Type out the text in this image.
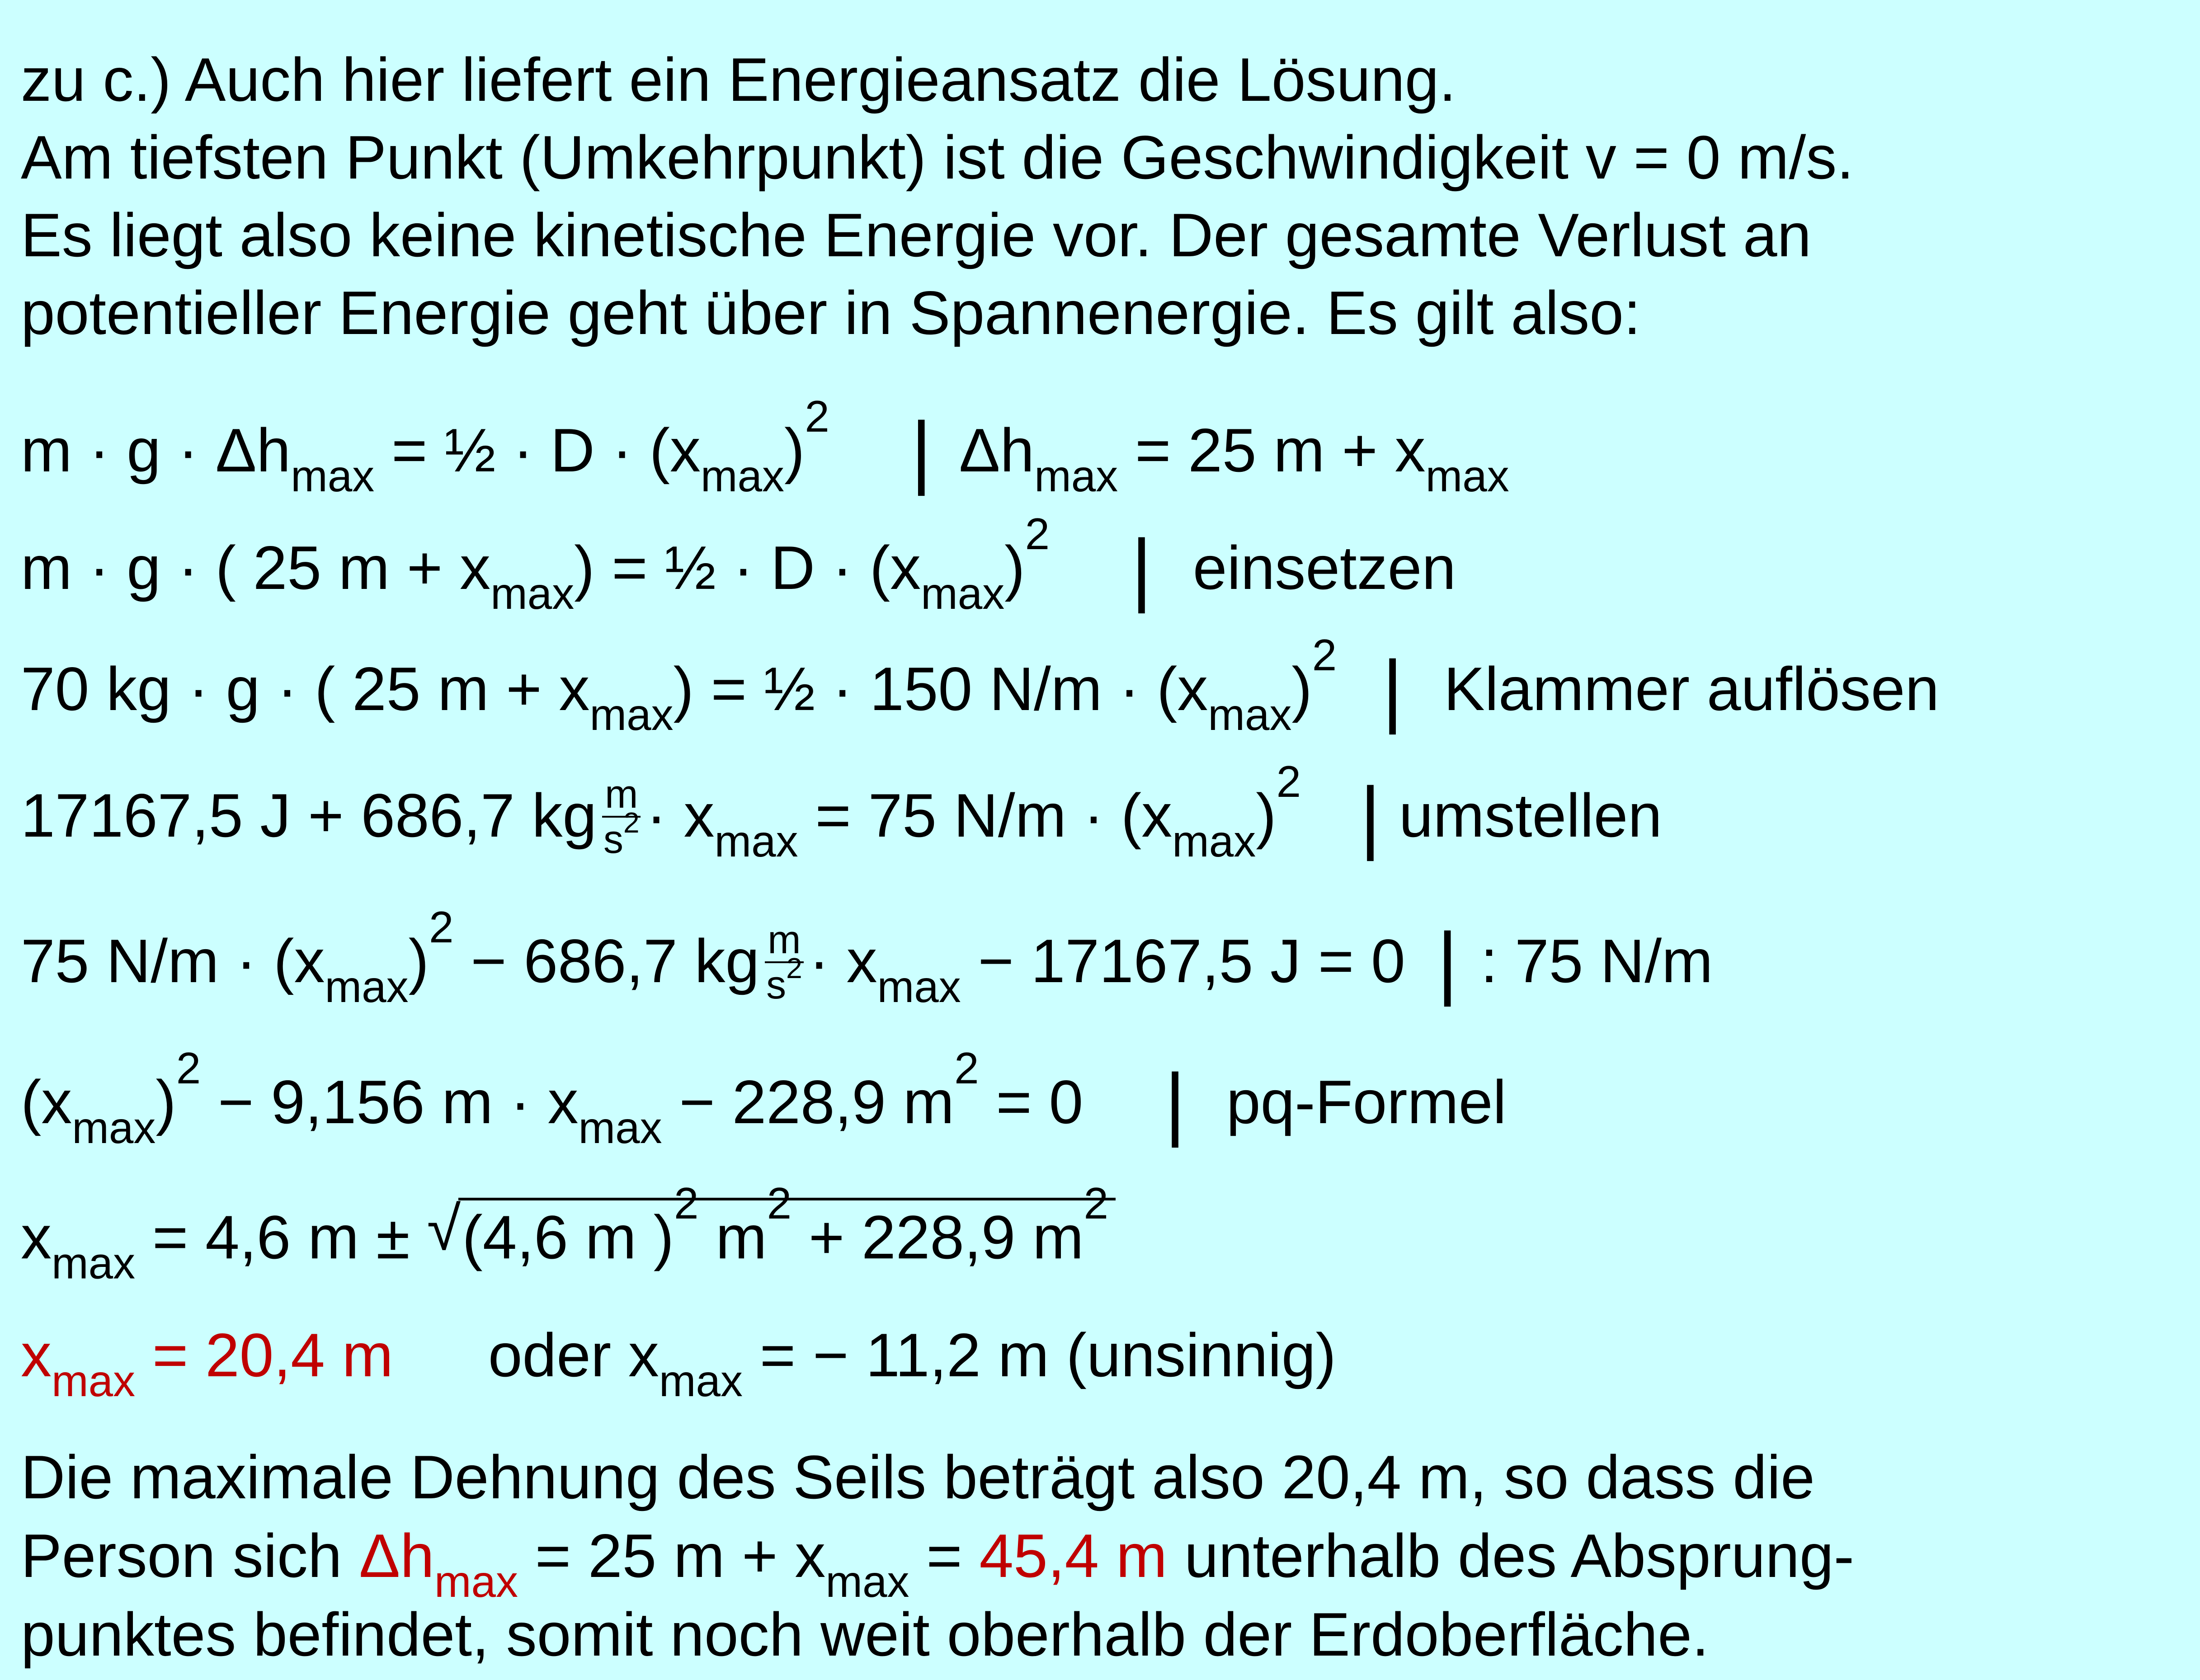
zu c.) Auch hier liefert ein Energieansatz die Lösung.
Am tiefsten Punkt (Umkehrpunkt) ist die Geschwindigkeit v = 0 m/s.
Es liegt also keine kinetische Energie vor. Der gesamte Verlust an
potentieller Energie geht über in Spannenergie. Es gilt also:
$m \cdot g \cdot \Delta h_{max}$ = ½ · $D \cdot (x_{max})^2$ | $\Delta h_{max} = 25$ $m + x_{max}$
m · g · ( 25 $m + x_{max}$) = ½ · $D \cdot (x_{max})^2$ | einsetzen
70 kg · g · ( 25 $m + x_{max}$) = ½ · 150 $N/m \cdot (x_{max})^2$ | Klammer auflösen
17167,5 J + 686,7 kg $\frac{m}{s^2} \cdot x_{max} = 75$ $N/m \cdot (x_{max})^2$ | umstellen
75 $N/m \cdot (x_{max})^2 - 686,7$ kg $\frac{m}{s^2} \cdot x_{max} - 17167,5$ J = 0 | : 75 N/m
$(x_{max})^2 - 9,156$ $m \cdot x_{max} - 228,9$ $m^2 = 0$ | pq-Formel
$x_{max} = 4,6$ m ± √ (4,6 m )$^2$ $m^2 + 228,9$ $m^2$
$x_{max} = 20,4$ m oder $x_{max}$ = − 11,2 m (unsinnig)
Die maximale Dehnung des Seils beträgt also 20,4 m, so dass die
Person sich $\Delta h_{max} = 25$ $m + x_{max} = 45,4$ m unterhalb des Absprung-
punktes befindet, somit noch weit oberhalb der Erdoberfläche.
